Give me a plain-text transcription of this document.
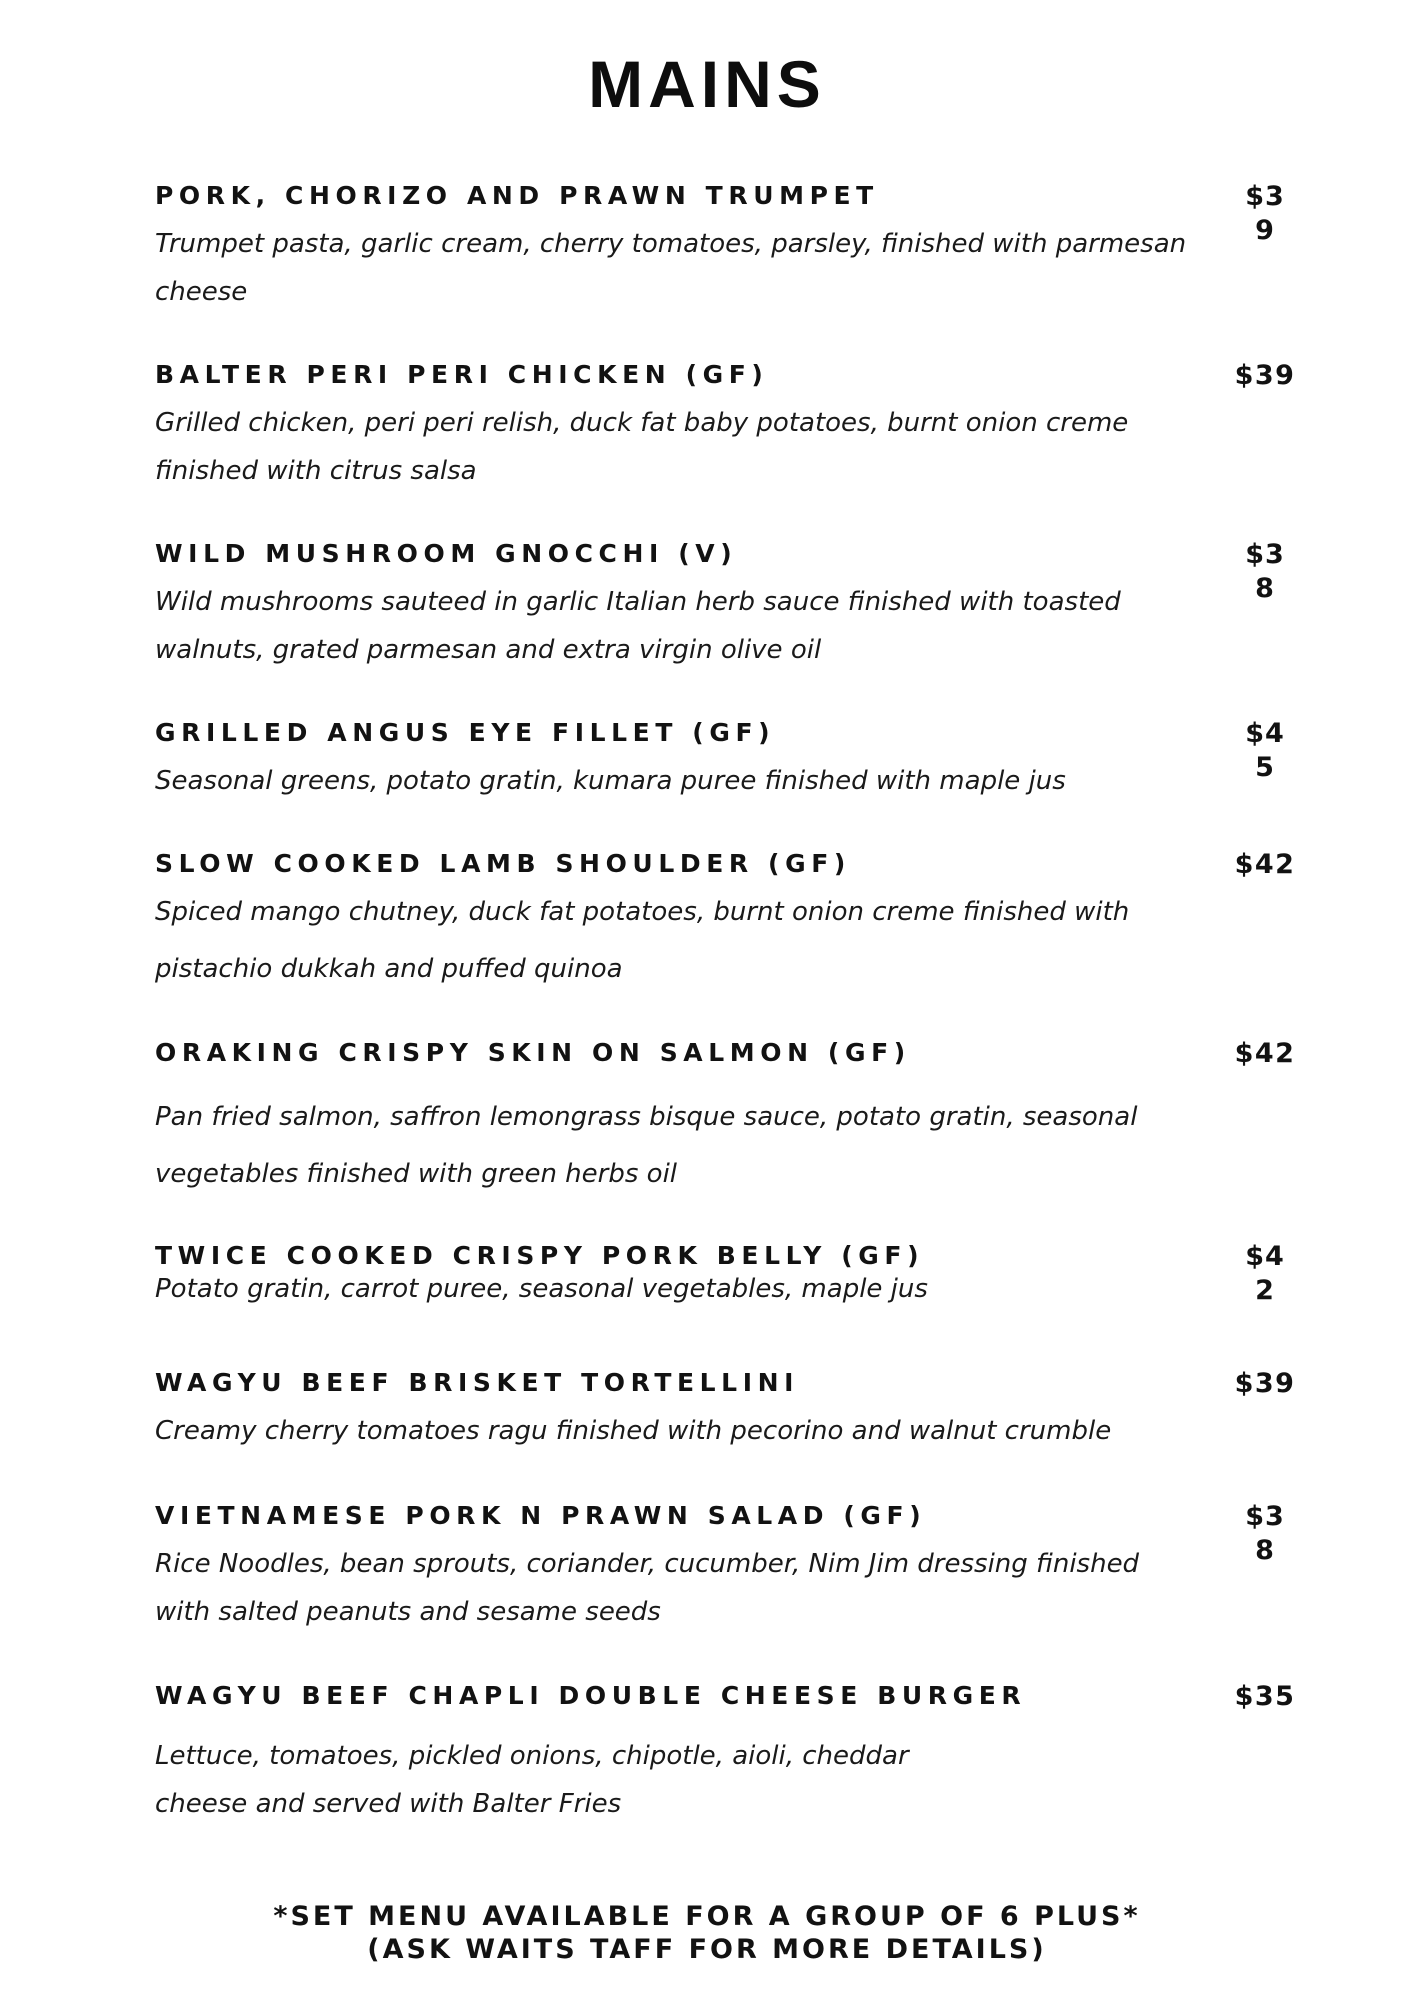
MAINS
PORK, CHORIZO AND PRAWN TRUMPET	$39
Trumpet pasta, garlic cream, cherry tomatoes, parsley, finished with parmesan cheese
BALTER PERI PERI CHICKEN (GF)	$39
Grilled chicken, peri peri relish, duck fat baby potatoes, burnt onion creme finished with citrus salsa
WILD MUSHROOM GNOCCHI (V)	$38
Wild mushrooms sauteed in garlic Italian herb sauce finished with toasted walnuts, grated parmesan and extra virgin olive oil
GRILLED ANGUS EYE FILLET (GF)	$45
Seasonal greens, potato gratin, kumara puree finished with maple jus
SLOW COOKED LAMB SHOULDER (GF)	$42
Spiced mango chutney, duck fat potatoes, burnt onion creme finished with pistachio dukkah and puffed quinoa
ORAKING CRISPY SKIN ON SALMON (GF)	$42
Pan fried salmon, saffron lemongrass bisque sauce, potato gratin, seasonal vegetables finished with green herbs oil
TWICE COOKED CRISPY PORK BELLY (GF)	$42
Potato gratin, carrot puree, seasonal vegetables, maple jus
WAGYU BEEF BRISKET TORTELLINI	$39
Creamy cherry tomatoes ragu finished with pecorino and walnut crumble
VIETNAMESE PORK N PRAWN SALAD (GF)	$38
Rice Noodles, bean sprouts, coriander, cucumber, Nim Jim dressing finished with salted peanuts and sesame seeds
WAGYU BEEF CHAPLI DOUBLE CHEESE BURGER	$35
Lettuce, tomatoes, pickled onions, chipotle, aioli, cheddar cheese and served with Balter Fries
*SET MENU AVAILABLE FOR A GROUP OF 6 PLUS*
(ASK WAITS TAFF FOR MORE DETAILS)
